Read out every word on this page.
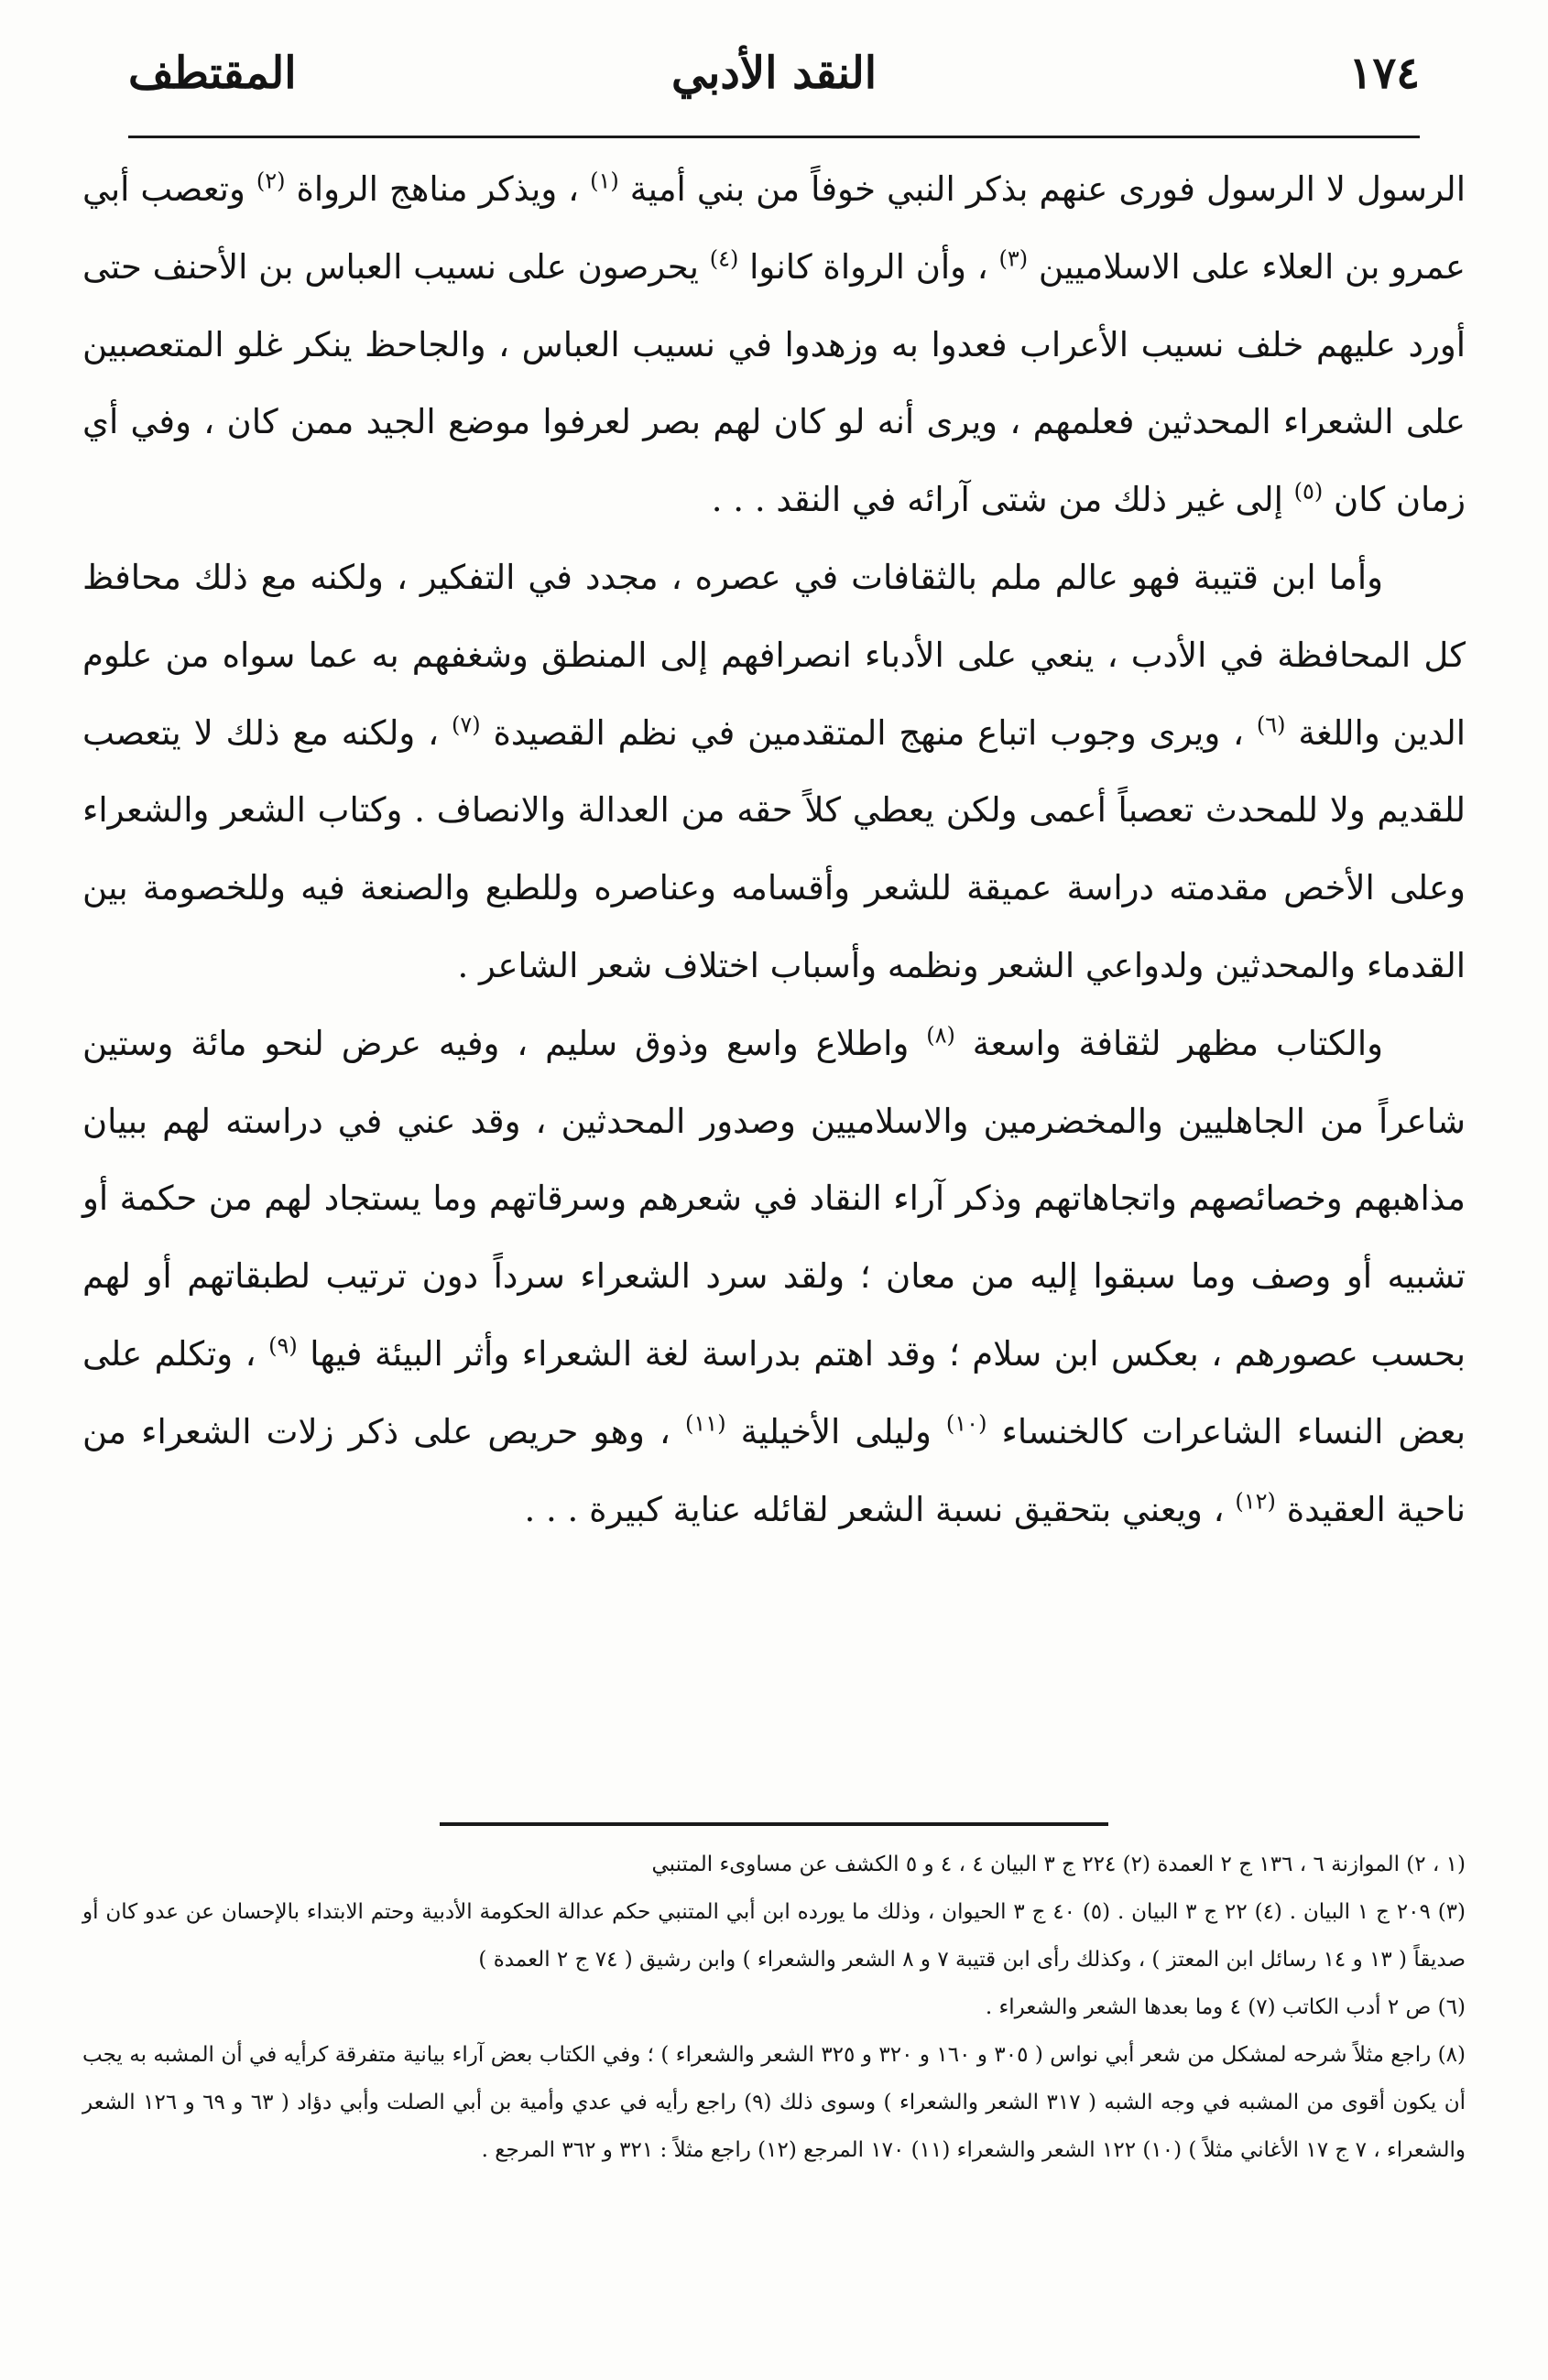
١٧٤
النقد الأدبي
المقتطف

الرسول لا الرسول فورى عنهم بذكر النبي خوفاً من بني أمية $^{(١)}$ ، ويذكر مناهج الرواة $^{(٢)}$ وتعصب أبي عمرو بن العلاء على الاسلاميين $^{(٣)}$ ، وأن الرواة كانوا $^{(٤)}$ يحرصون على نسيب العباس بن الأحنف حتى أورد عليهم خلف نسيب الأعراب فعدوا به وزهدوا في نسيب العباس ، والجاحظ ينكر غلو المتعصبين على الشعراء المحدثين فعلمهم ، ويرى أنه لو كان لهم بصر لعرفوا موضع الجيد ممن كان ، وفي أي زمان كان $^{(٥)}$ إلى غير ذلك من شتى آرائه في النقد . . .

وأما ابن قتيبة فهو عالم ملم بالثقافات في عصره ، مجدد في التفكير ، ولكنه مع ذلك محافظ كل المحافظة في الأدب ، ينعي على الأدباء انصرافهم إلى المنطق وشغفهم به عما سواه من علوم الدين واللغة $^{(٦)}$ ، ويرى وجوب اتباع منهج المتقدمين في نظم القصيدة $^{(٧)}$ ، ولكنه مع ذلك لا يتعصب للقديم ولا للمحدث تعصباً أعمى ولكن يعطي كلاً حقه من العدالة والانصاف . وكتاب الشعر والشعراء وعلى الأخص مقدمته دراسة عميقة للشعر وأقسامه وعناصره وللطبع والصنعة فيه وللخصومة بين القدماء والمحدثين ولدواعي الشعر ونظمه وأسباب اختلاف شعر الشاعر .

والكتاب مظهر لثقافة واسعة $^{(٨)}$ واطلاع واسع وذوق سليم ، وفيه عرض لنحو مائة وستين شاعراً من الجاهليين والمخضرمين والاسلاميين وصدور المحدثين ، وقد عني في دراسته لهم ببيان مذاهبهم وخصائصهم واتجاهاتهم وذكر آراء النقاد في شعرهم وسرقاتهم وما يستجاد لهم من حكمة أو تشبيه أو وصف وما سبقوا إليه من معان ؛ ولقد سرد الشعراء سرداً دون ترتيب لطبقاتهم أو لهم بحسب عصورهم ، بعكس ابن سلام ؛ وقد اهتم بدراسة لغة الشعراء وأثر البيئة فيها $^{(٩)}$ ، وتكلم على بعض النساء الشاعرات كالخنساء $^{(١٠)}$ وليلى الأخيلية $^{(١١)}$ ، وهو حريص على ذكر زلات الشعراء من ناحية العقيدة $^{(١٢)}$ ، ويعني بتحقيق نسبة الشعر لقائله عناية كبيرة . . .

(١ ، ٢) الموازنة ٦ ، ١٣٦ ج ٢ العمدة (٢) ٢٢٤ ج ٣ البيان ٤ ، ٤ و ٥ الكشف عن مساوىء المتنبي

(٣) ٢٠٩ ج ١ البيان . (٤) ٢٢ ج ٣ البيان . (٥) ٤٠ ج ٣ الحيوان ، وذلك ما يورده ابن أبي المتنبي حكم عدالة الحكومة الأدبية وحتم الابتداء بالإحسان عن عدو كان أو صديقاً ( ١٣ و ١٤ رسائل ابن المعتز ) ، وكذلك رأى ابن قتيبة ٧ و ٨ الشعر والشعراء ) وابن رشيق ( ٧٤ ج ٢ العمدة )

(٦) ص ٢ أدب الكاتب (٧) ٤ وما بعدها الشعر والشعراء .

(٨) راجع مثلاً شرحه لمشكل من شعر أبي نواس ( ٣٠٥ و ١٦٠ و ٣٢٠ و ٣٢٥ الشعر والشعراء ) ؛ وفي الكتاب بعض آراء بيانية متفرقة كرأيه في أن المشبه به يجب أن يكون أقوى من المشبه في وجه الشبه ( ٣١٧ الشعر والشعراء ) وسوى ذلك (٩) راجع رأيه في عدي وأمية بن أبي الصلت وأبي دؤاد ( ٦٣ و ٦٩ و ١٢٦ الشعر والشعراء ، ٧ ج ١٧ الأغاني مثلاً ) (١٠) ١٢٢ الشعر والشعراء (١١) ١٧٠ المرجع (١٢) راجع مثلاً : ٣٢١ و ٣٦٢ المرجع .
